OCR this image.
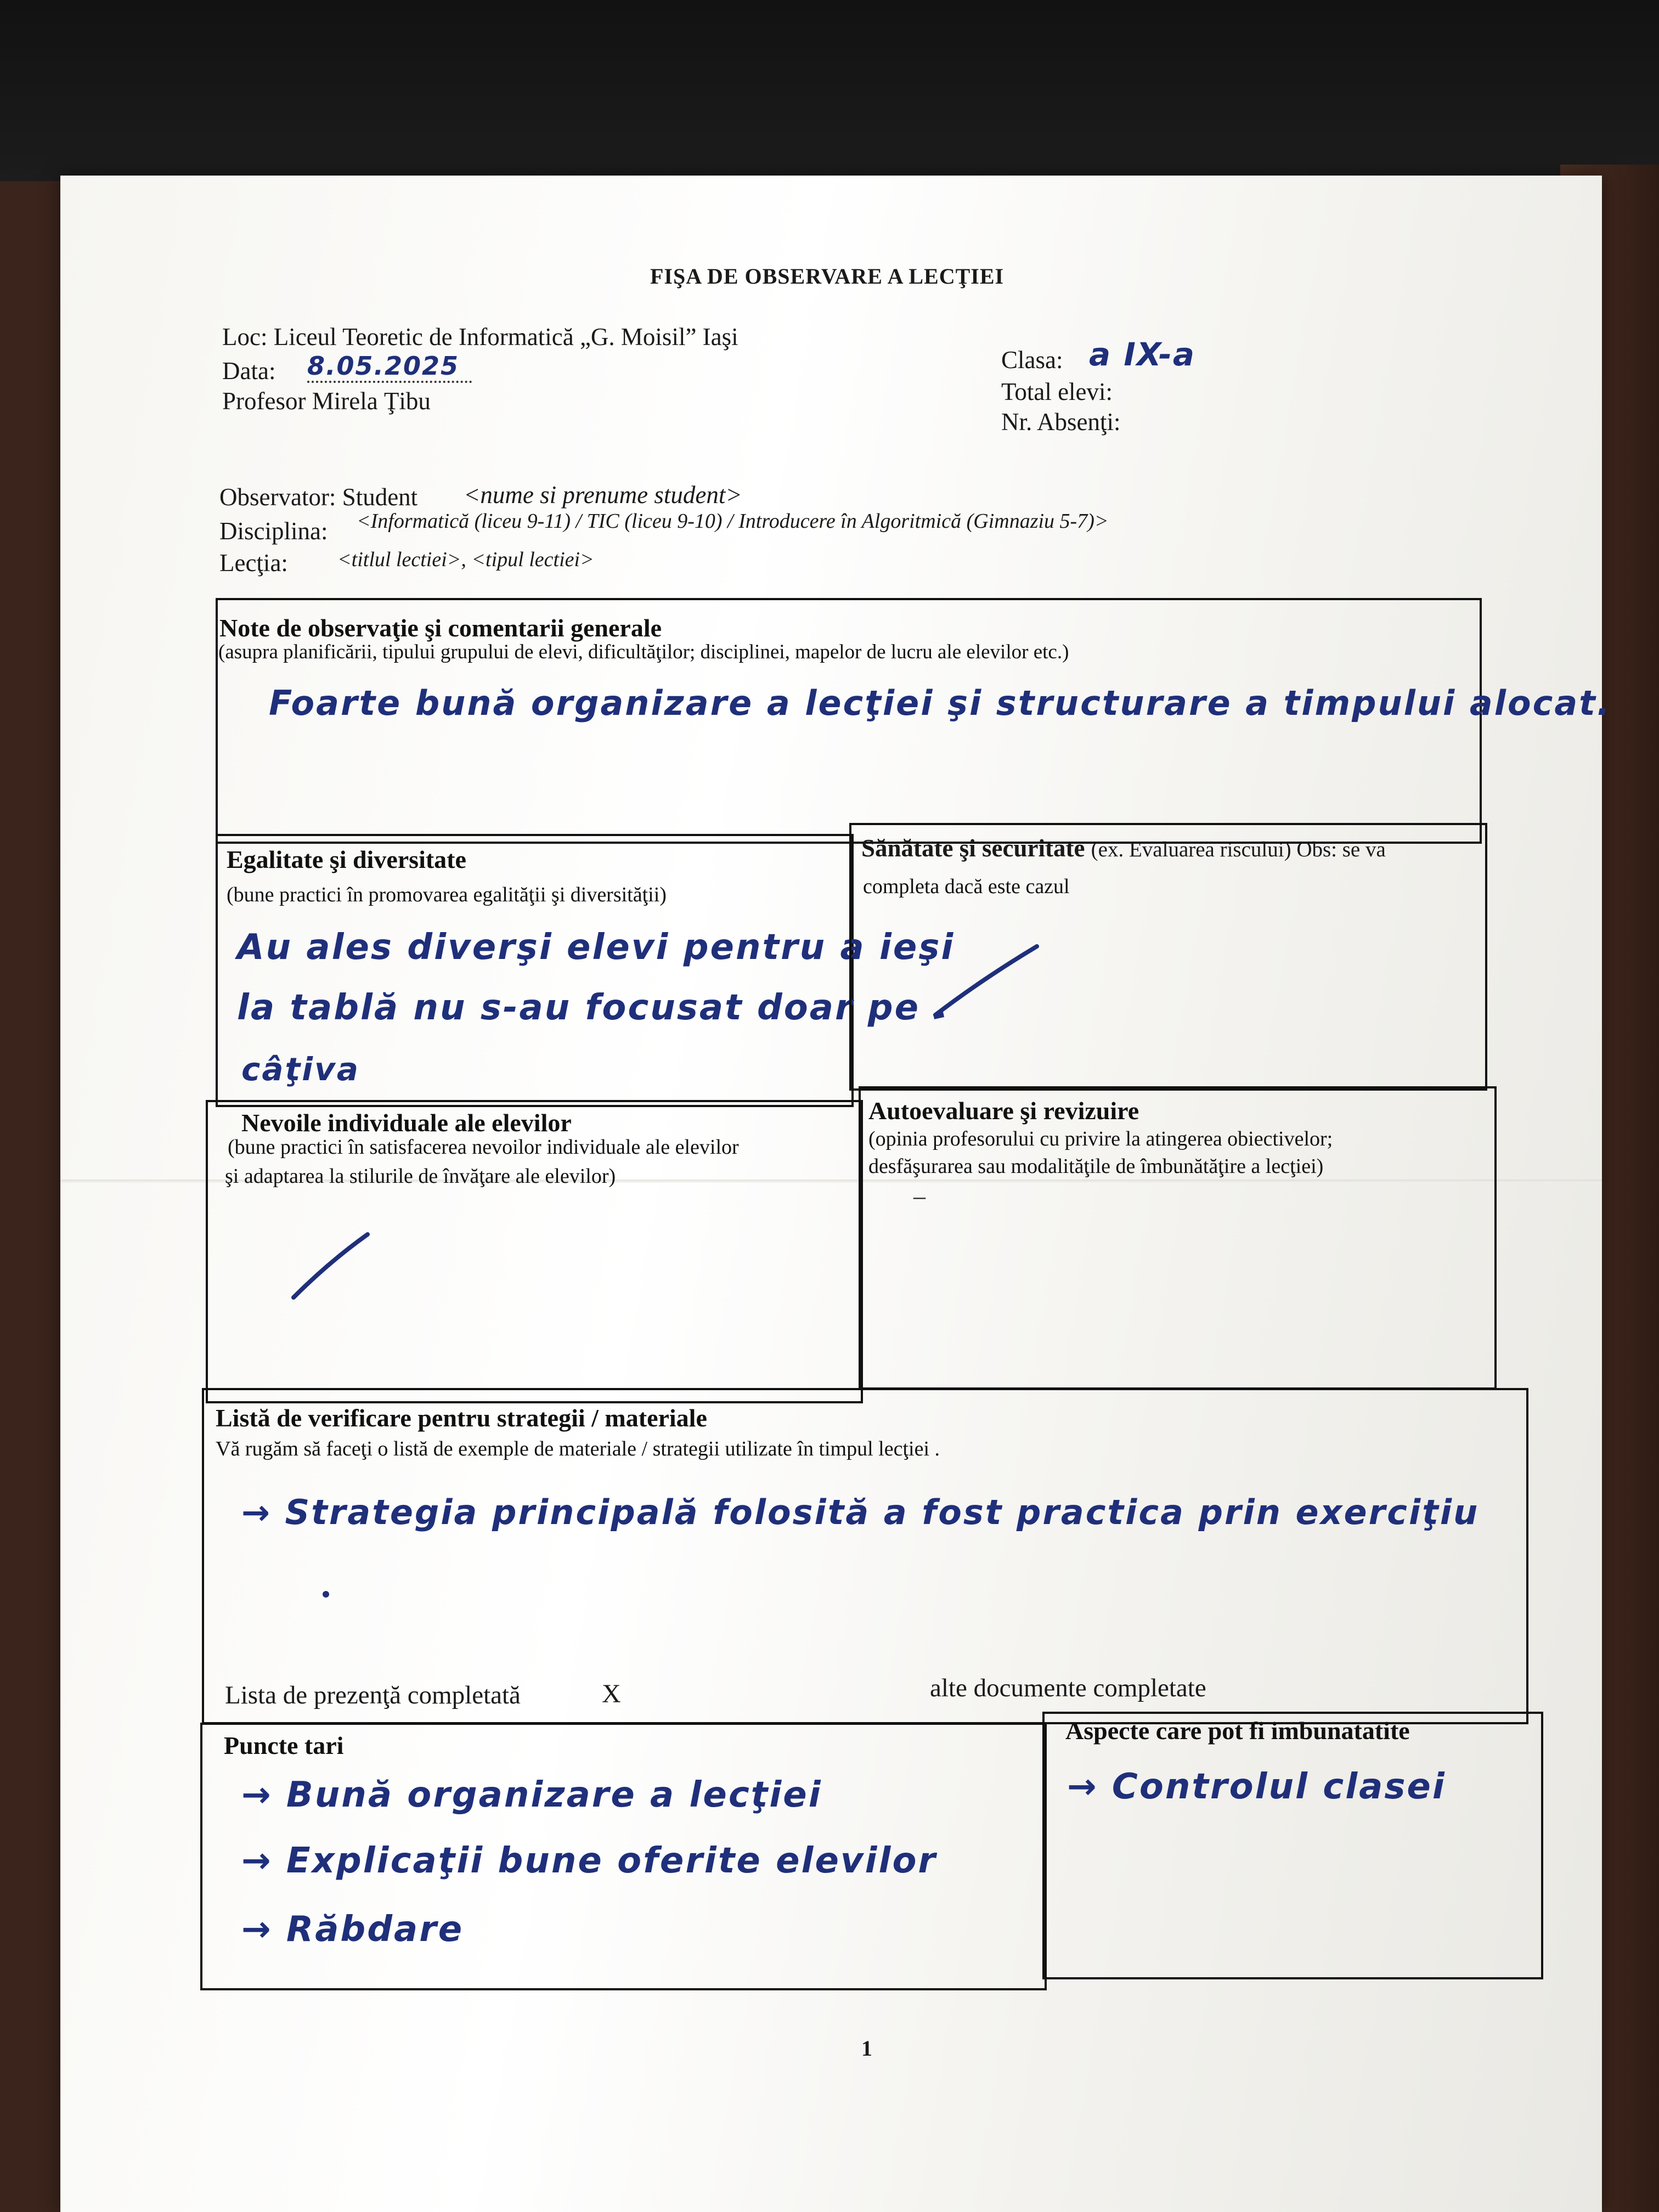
FIŞA DE OBSERVARE A LECŢIEI
Loc: Liceul Teoretic de Informatică „G. Moisil” Iaşi
Data: 8.05.2025
Profesor Mirela Ţibu
Clasa: a IX-a
Total elevi:
Nr. Absenţi:
Observator: Student <nume si prenume student>
Disciplina: <Informatică (liceu 9-11) / TIC (liceu 9-10) / Introducere în Algoritmică (Gimnaziu 5-7)>
Lecţia: <titlul lectiei>, <tipul lectiei>
Note de observaţie şi comentarii generale
(asupra planificării, tipului grupului de elevi, dificultăţilor; disciplinei, mapelor de lucru ale elevilor etc.)
Foarte bună organizare a lecţiei şi structurare a timpului alocat.
Egalitate şi diversitate
(bune practici în promovarea egalităţii şi diversităţii)
Au ales diverşi elevi pentru a ieşi
la tablă nu s-au focusat doar pe
câţiva
Sănătate şi securitate (ex. Evaluarea riscului) Obs: se va
completa dacă este cazul
Nevoile individuale ale elevilor
(bune practici în satisfacerea nevoilor individuale ale elevilor
şi adaptarea la stilurile de învăţare ale elevilor)
Autoevaluare şi revizuire
(opinia profesorului cu privire la atingerea obiectivelor;
desfăşurarea sau modalităţile de îmbunătăţire a lecţiei)
–
Listă de verificare pentru strategii / materiale
Vă rugăm să faceţi o listă de exemple de materiale / strategii utilizate în timpul lecţiei .
→ Strategia principală folosită a fost practica prin exerciţiu
Lista de prezenţă completată	X	alte documente completate
Puncte tari
→ Bună organizare a lecţiei
→ Explicaţii bune oferite elevilor
→ Răbdare
Aspecte care pot fi imbunatatite
→ Controlul clasei
1
